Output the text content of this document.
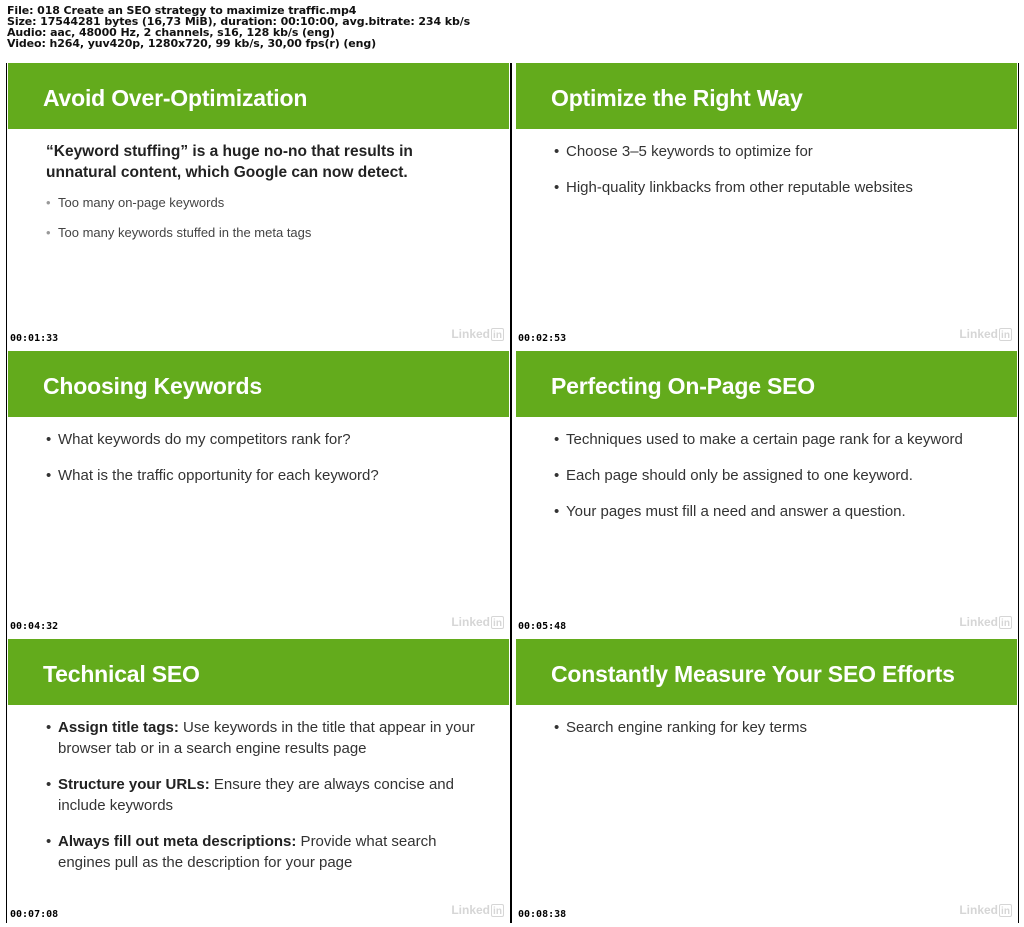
File: 018 Create an SEO strategy to maximize traffic.mp4
Size: 17544281 bytes (16,73 MiB), duration: 00:10:00, avg.bitrate: 234 kb/s
Audio: aac, 48000 Hz, 2 channels, s16, 128 kb/s (eng)
Video: h264, yuv420p, 1280x720, 99 kb/s, 30,00 fps(r) (eng)
Avoid Over-Optimization
“Keyword stuffing” is a huge no-no that results in unnatural content, which Google can now detect.
• Too many on-page keywords
• Too many keywords stuffed in the meta tags
00:01:33	Linked in
Optimize the Right Way
• Choose 3–5 keywords to optimize for
• High-quality linkbacks from other reputable websites
00:02:53	Linked in
Choosing Keywords
• What keywords do my competitors rank for?
• What is the traffic opportunity for each keyword?
00:04:32	Linked in
Perfecting On-Page SEO
• Techniques used to make a certain page rank for a keyword
• Each page should only be assigned to one keyword.
• Your pages must fill a need and answer a question.
00:05:48	Linked in
Technical SEO
• Assign title tags: Use keywords in the title that appear in your browser tab or in a search engine results page
• Structure your URLs: Ensure they are always concise and include keywords
• Always fill out meta descriptions: Provide what search engines pull as the description for your page
00:07:08	Linked in
Constantly Measure Your SEO Efforts
• Search engine ranking for key terms
00:08:38	Linked in
